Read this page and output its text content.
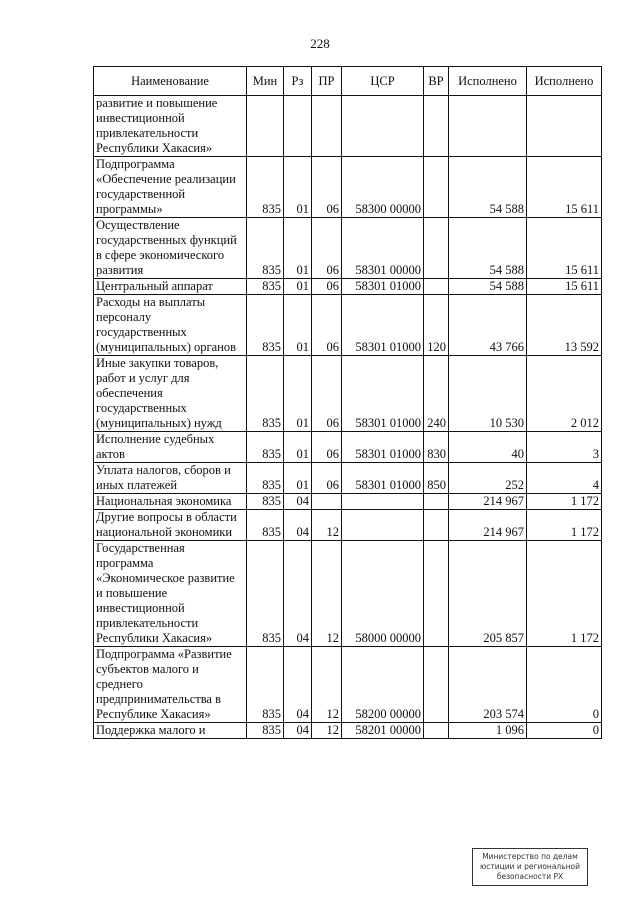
228
Наименование	Мин	Рз	ПР	ЦСР	ВР	Исполнено	Исполнено
развитие и повышение инвестиционной привлекательности Республики Хакасия»							
Подпрограмма «Обеспечение реализации государственной программы»	835	01	06	58300 00000		54 588	15 611
Осуществление государственных функций в сфере экономического развития	835	01	06	58301 00000		54 588	15 611
Центральный аппарат	835	01	06	58301 01000		54 588	15 611
Расходы на выплаты персоналу государственных (муниципальных) органов	835	01	06	58301 01000	120	43 766	13 592
Иные закупки товаров, работ и услуг для обеспечения государственных (муниципальных) нужд	835	01	06	58301 01000	240	10 530	2 012
Исполнение судебных актов	835	01	06	58301 01000	830	40	3
Уплата налогов, сборов и иных платежей	835	01	06	58301 01000	850	252	4
Национальная экономика	835	04				214 967	1 172
Другие вопросы в области национальной экономики	835	04	12			214 967	1 172
Государственная программа «Экономическое развитие и повышение инвестиционной привлекательности Республики Хакасия»	835	04	12	58000 00000		205 857	1 172
Подпрограмма «Развитие субъектов малого и среднего предпринимательства в Республике Хакасия»	835	04	12	58200 00000		203 574	0
Поддержка малого и	835	04	12	58201 00000		1 096	0
Министерство по делам юстиции и региональной безопасности РХ
